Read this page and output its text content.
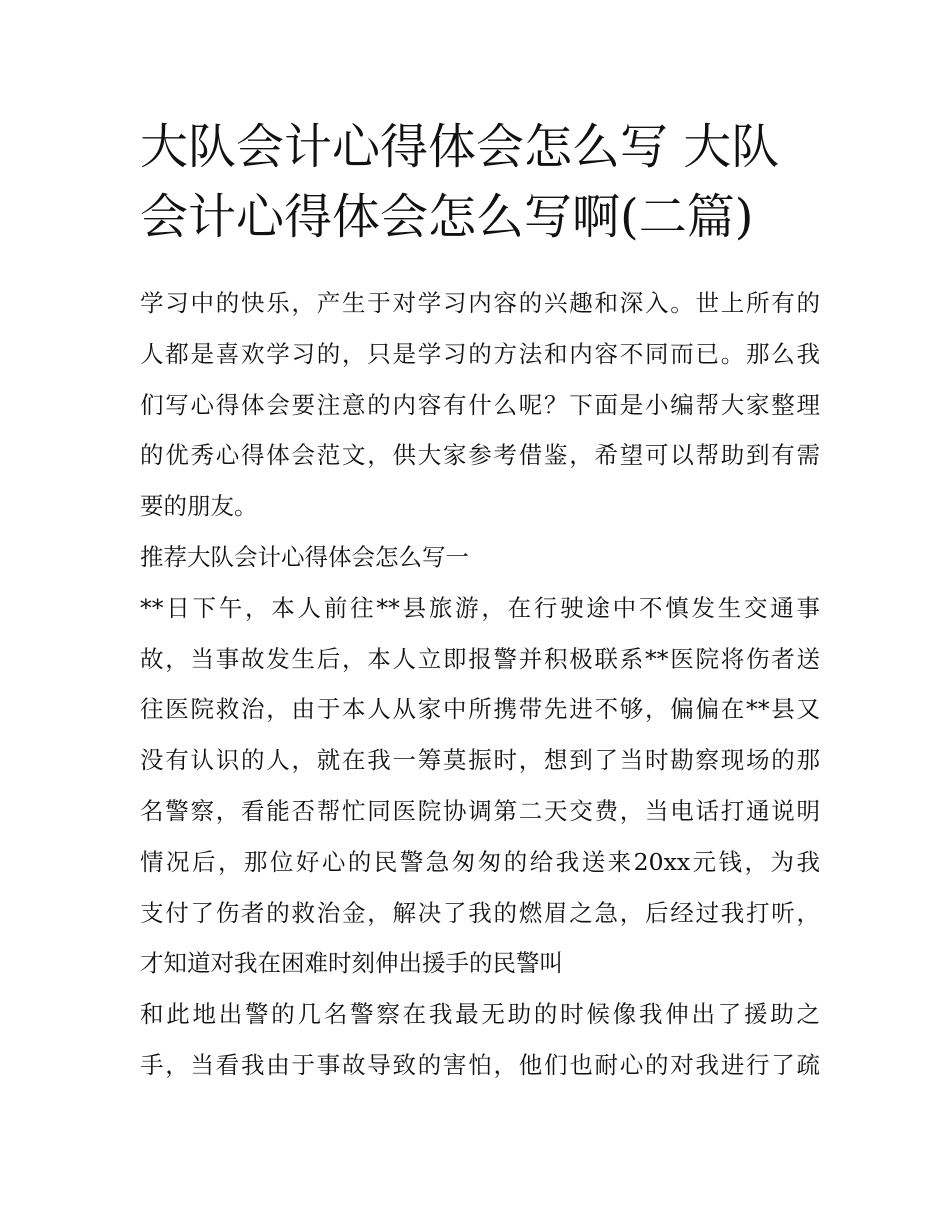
大队会计心得体会怎么写 大队
会计心得体会怎么写啊(二篇)
学习中的快乐，产生于对学习内容的兴趣和深入。世上所有的
人都是喜欢学习的，只是学习的方法和内容不同而已。那么我
们写心得体会要注意的内容有什么呢？下面是小编帮大家整理
的优秀心得体会范文，供大家参考借鉴，希望可以帮助到有需
要的朋友。
推荐大队会计心得体会怎么写一
**日下午，本人前往**县旅游，在行驶途中不慎发生交通事
故，当事故发生后，本人立即报警并积极联系**医院将伤者送
往医院救治，由于本人从家中所携带先进不够，偏偏在**县又
没有认识的人，就在我一筹莫振时，想到了当时勘察现场的那
名警察，看能否帮忙同医院协调第二天交费，当电话打通说明
情况后，那位好心的民警急匆匆的给我送来20xx元钱，为我
支付了伤者的救治金，解决了我的燃眉之急，后经过我打听，
才知道对我在困难时刻伸出援手的民警叫
和此地出警的几名警察在我最无助的时候像我伸出了援助之
手，当看我由于事故导致的害怕，他们也耐心的对我进行了疏
